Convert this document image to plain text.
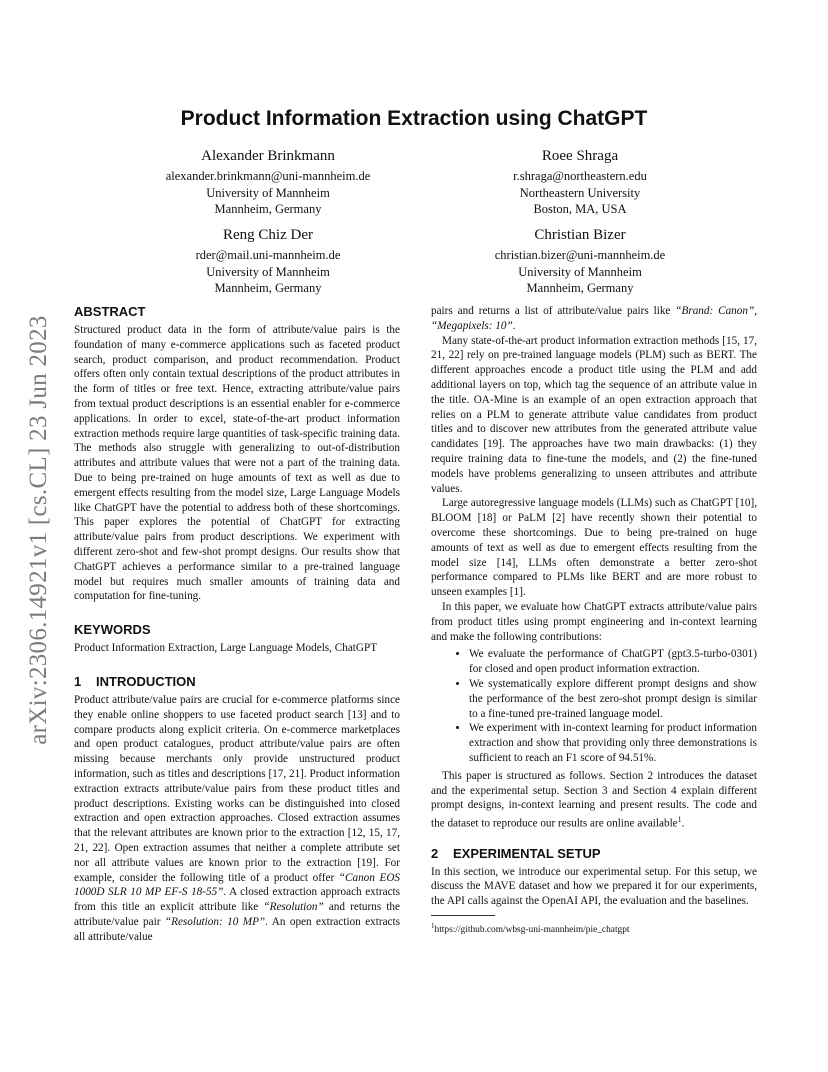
arXiv:2306.14921v1 [cs.CL] 23 Jun 2023
Product Information Extraction using ChatGPT
Alexander Brinkmann
alexander.brinkmann@uni-mannheim.de
University of Mannheim
Mannheim, Germany
Roee Shraga
r.shraga@northeastern.edu
Northeastern University
Boston, MA, USA
Reng Chiz Der
rder@mail.uni-mannheim.de
University of Mannheim
Mannheim, Germany
Christian Bizer
christian.bizer@uni-mannheim.de
University of Mannheim
Mannheim, Germany
ABSTRACT

Structured product data in the form of attribute/value pairs is the foundation of many e-commerce applications such as faceted product search, product comparison, and product recommendation. Product offers often only contain textual descriptions of the product attributes in the form of titles or free text. Hence, extracting attribute/value pairs from textual product descriptions is an essential enabler for e-commerce applications. In order to excel, state-of-the-art product information extraction methods require large quantities of task-specific training data. The methods also struggle with generalizing to out-of-distribution attributes and attribute values that were not a part of the training data. Due to being pre-trained on huge amounts of text as well as due to emergent effects resulting from the model size, Large Language Models like ChatGPT have the potential to address both of these shortcomings. This paper explores the potential of ChatGPT for extracting attribute/value pairs from product descriptions. We experiment with different zero-shot and few-shot prompt designs. Our results show that ChatGPT achieves a performance similar to a pre-trained language model but requires much smaller amounts of training data and computation for fine-tuning.

KEYWORDS

Product Information Extraction, Large Language Models, ChatGPT

1 INTRODUCTION

Product attribute/value pairs are crucial for e-commerce platforms since they enable online shoppers to use faceted product search [13] and to compare products along explicit criteria. On e-commerce marketplaces and open product catalogues, product attribute/value pairs are often missing because merchants only provide unstructured product information, such as titles and descriptions [17, 21]. Product information extraction extracts attribute/value pairs from these product titles and product descriptions. Existing works can be distinguished into closed extraction and open extraction approaches. Closed extraction assumes that the relevant attributes are known prior to the extraction [12, 15, 17, 21, 22]. Open extraction assumes that neither a complete attribute set nor all attribute values are known prior to the extraction [19]. For example, consider the following title of a product offer “Canon EOS 1000D SLR 10 MP EF-S 18-55”. A closed extraction approach extracts from this title an explicit attribute like “Resolution” and returns the attribute/value pair “Resolution: 10 MP”. An open extraction extracts all attribute/value

pairs and returns a list of attribute/value pairs like “Brand: Canon”, “Megapixels: 10”.

Many state-of-the-art product information extraction methods [15, 17, 21, 22] rely on pre-trained language models (PLM) such as BERT. The different approaches encode a product title using the PLM and add additional layers on top, which tag the sequence of an attribute value in the title. OA-Mine is an example of an open extraction approach that relies on a PLM to generate attribute value candidates from product titles and to discover new attributes from the generated attribute value candidates [19]. The approaches have two main drawbacks: (1) they require training data to fine-tune the models, and (2) the fine-tuned models have problems generalizing to unseen attributes and attribute values.

Large autoregressive language models (LLMs) such as ChatGPT [10], BLOOM [18] or PaLM [2] have recently shown their potential to overcome these shortcomings. Due to being pre-trained on huge amounts of text as well as due to emergent effects resulting from the model size [14], LLMs often demonstrate a better zero-shot performance compared to PLMs like BERT and are more robust to unseen examples [1].

In this paper, we evaluate how ChatGPT extracts attribute/value pairs from product titles using prompt engineering and in-context learning and make the following contributions:

• We evaluate the performance of ChatGPT (gpt3.5-turbo-0301) for closed and open product information extraction.
• We systematically explore different prompt designs and show the performance of the best zero-shot prompt design is similar to a fine-tuned pre-trained language model.
• We experiment with in-context learning for product information extraction and show that providing only three demonstrations is sufficient to reach an F1 score of 94.51%.

This paper is structured as follows. Section 2 introduces the dataset and the experimental setup. Section 3 and Section 4 explain different prompt designs, in-context learning and present results. The code and the dataset to reproduce our results are online available$^1$.

2 EXPERIMENTAL SETUP

In this section, we introduce our experimental setup. For this setup, we discuss the MAVE dataset and how we prepared it for our experiments, the API calls against the OpenAI API, the evaluation and the baselines.

$^1$https://github.com/wbsg-uni-mannheim/pie_chatgpt
